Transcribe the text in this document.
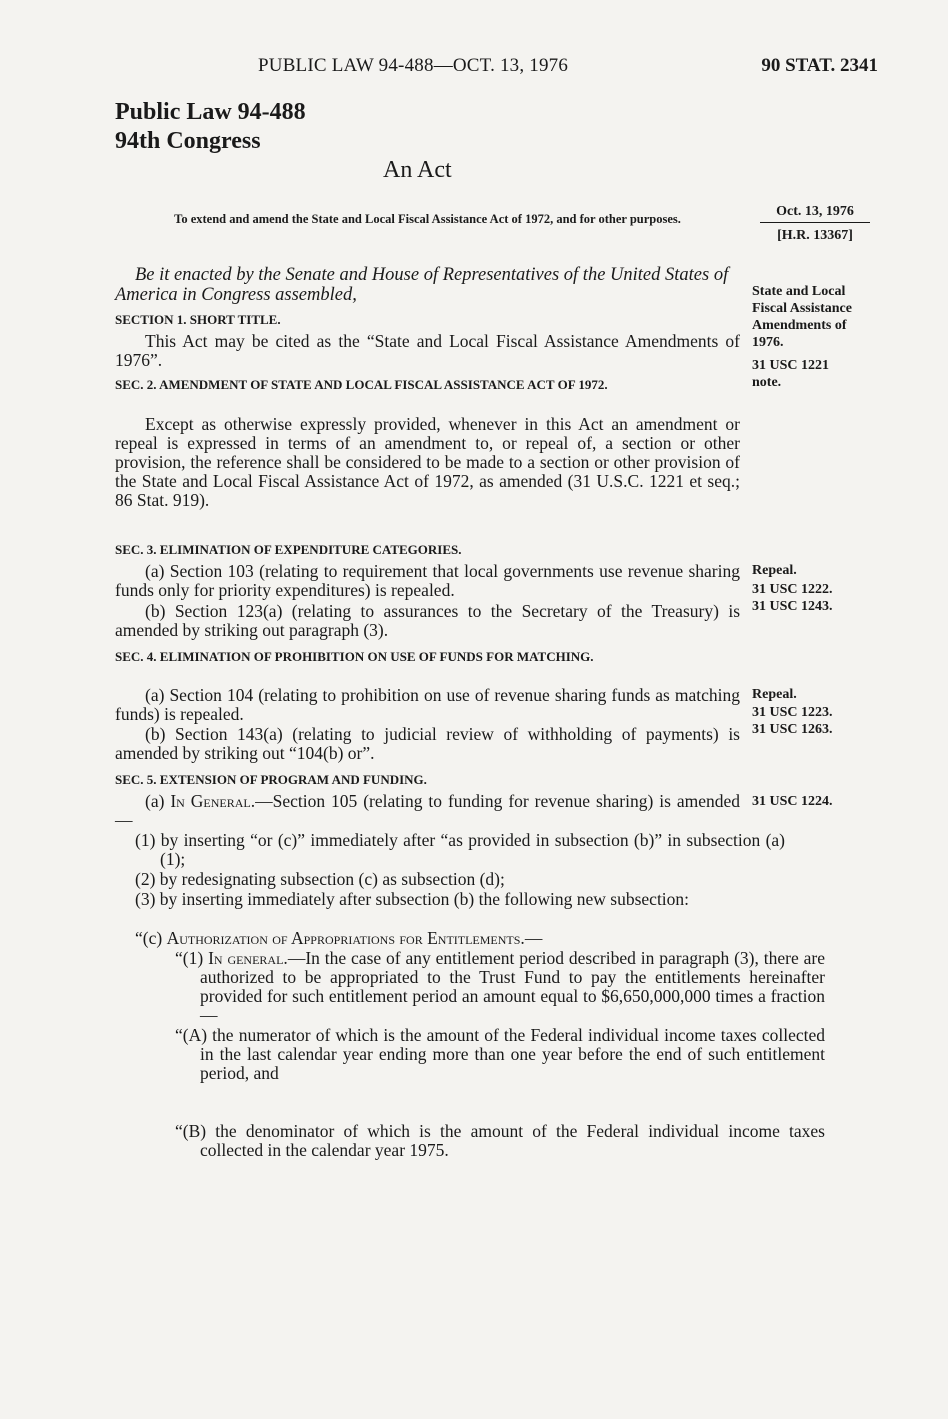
PUBLIC LAW 94-488—OCT. 13, 1976	90 STAT. 2341
Public Law 94-488
94th Congress
An Act
To extend and amend the State and Local Fiscal Assistance Act of 1972, and for other purposes.	Oct. 13, 1976
[H.R. 13367]
Be it enacted by the Senate and House of Representatives of the United States of America in Congress assembled,
SECTION 1. SHORT TITLE.
This Act may be cited as the “State and Local Fiscal Assistance Amendments of 1976”.
SEC. 2. AMENDMENT OF STATE AND LOCAL FISCAL ASSISTANCE ACT OF 1972.
Except as otherwise expressly provided, whenever in this Act an amendment or repeal is expressed in terms of an amendment to, or repeal of, a section or other provision, the reference shall be considered to be made to a section or other provision of the State and Local Fiscal Assistance Act of 1972, as amended (31 U.S.C. 1221 et seq.; 86 Stat. 919).
SEC. 3. ELIMINATION OF EXPENDITURE CATEGORIES.
(a) Section 103 (relating to requirement that local governments use revenue sharing funds only for priority expenditures) is repealed.
(b) Section 123(a) (relating to assurances to the Secretary of the Treasury) is amended by striking out paragraph (3).
SEC. 4. ELIMINATION OF PROHIBITION ON USE OF FUNDS FOR MATCHING.
(a) Section 104 (relating to prohibition on use of revenue sharing funds as matching funds) is repealed.
(b) Section 143(a) (relating to judicial review of withholding of payments) is amended by striking out “104(b) or”.
SEC. 5. EXTENSION OF PROGRAM AND FUNDING.
(a) In General.—Section 105 (relating to funding for revenue sharing) is amended—
(1) by inserting “or (c)” immediately after “as provided in subsection (b)” in subsection (a)(1);
(2) by redesignating subsection (c) as subsection (d);
(3) by inserting immediately after subsection (b) the following new subsection:
“(c) Authorization of Appropriations for Entitlements.—
“(1) In general.—In the case of any entitlement period described in paragraph (3), there are authorized to be appropriated to the Trust Fund to pay the entitlements hereinafter provided for such entitlement period an amount equal to $6,650,000,000 times a fraction—
“(A) the numerator of which is the amount of the Federal individual income taxes collected in the last calendar year ending more than one year before the end of such entitlement period, and
“(B) the denominator of which is the amount of the Federal individual income taxes collected in the calendar year 1975.
State and Local Fiscal Assistance Amendments of 1976.
31 USC 1221 note.
Repeal.
31 USC 1222.
31 USC 1243.
Repeal.
31 USC 1223.
31 USC 1263.
31 USC 1224.
